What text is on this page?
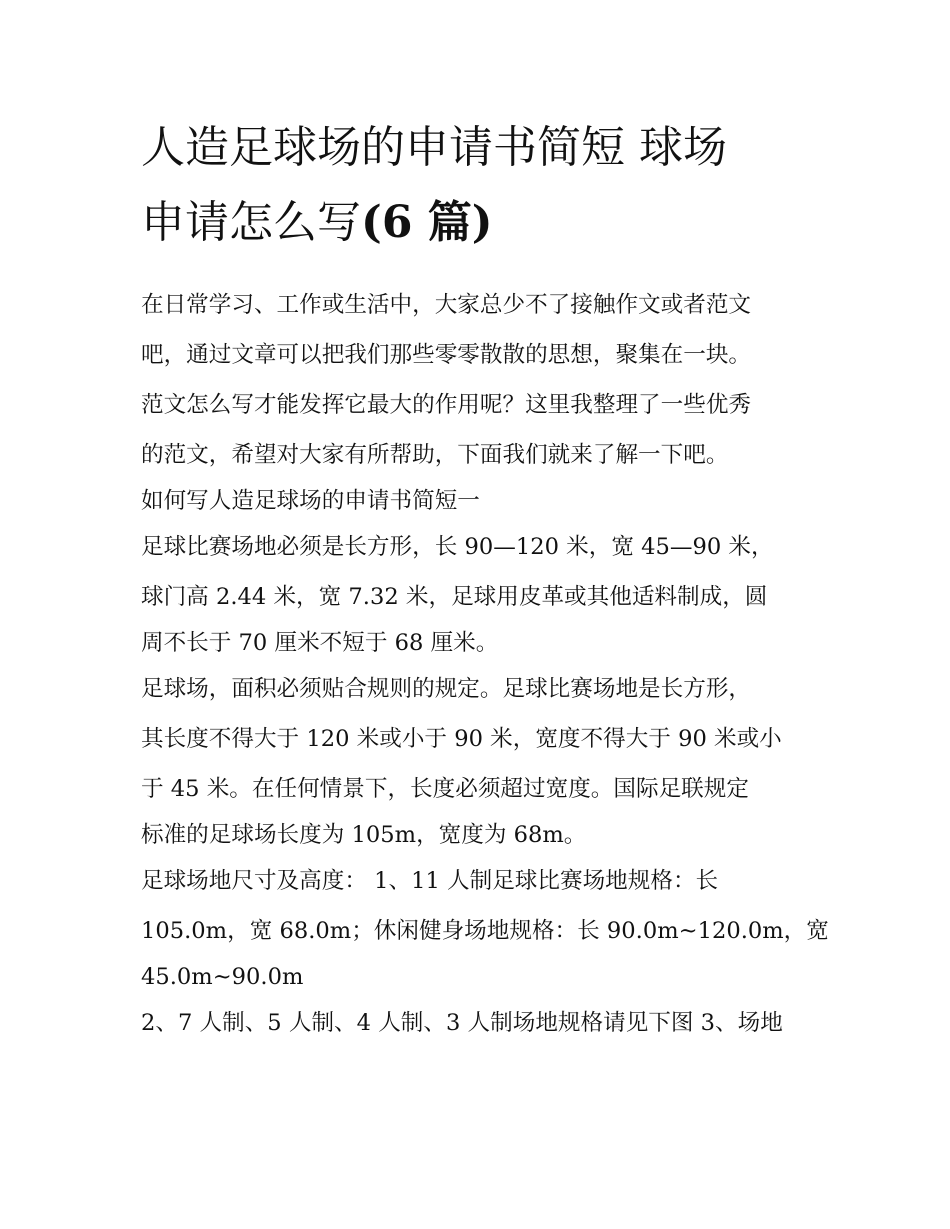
人造足球场的申请书简短 球场
申请怎么写(6 篇)
在日常学习、工作或生活中，大家总少不了接触作文或者范文
吧，通过文章可以把我们那些零零散散的思想，聚集在一块。
范文怎么写才能发挥它最大的作用呢？这里我整理了一些优秀
的范文，希望对大家有所帮助，下面我们就来了解一下吧。
如何写人造足球场的申请书简短一
足球比赛场地必须是长方形，长 90—120 米，宽 45—90 米，
球门高 2.44 米，宽 7.32 米，足球用皮革或其他适料制成，圆
周不长于 70 厘米不短于 68 厘米。
足球场，面积必须贴合规则的规定。足球比赛场地是长方形，
其长度不得大于 120 米或小于 90 米，宽度不得大于 90 米或小
于 45 米。在任何情景下，长度必须超过宽度。国际足联规定
标准的足球场长度为 105m，宽度为 68m。
足球场地尺寸及高度： 1、11 人制足球比赛场地规格：长
105.0m，宽 68.0m；休闲健身场地规格：长 90.0m~120.0m，宽
45.0m~90.0m
2、7 人制、5 人制、4 人制、3 人制场地规格请见下图 3、场地
